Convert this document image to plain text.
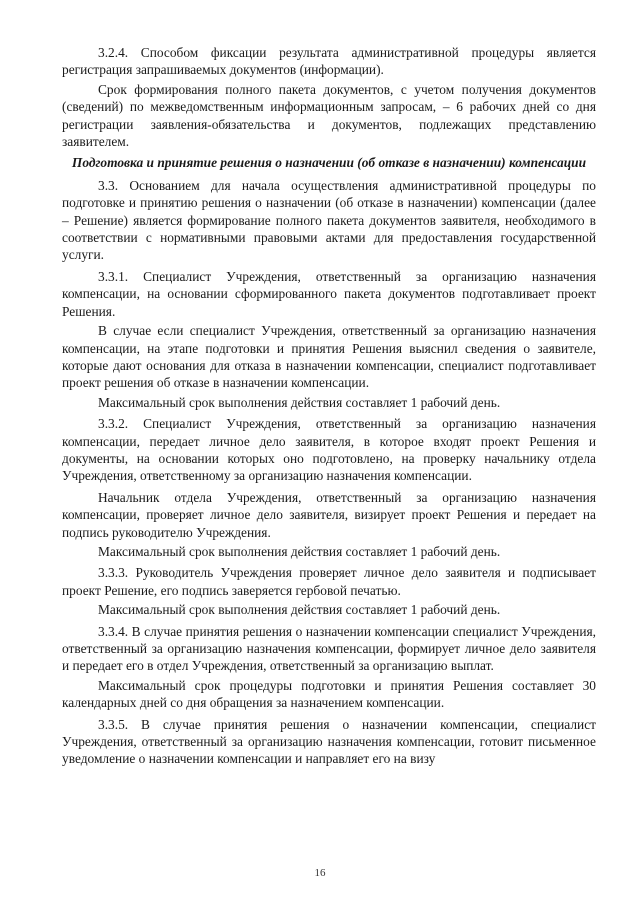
3.2.4. Способом фиксации результата административной процедуры является регистрация запрашиваемых документов (информации).

Срок формирования полного пакета документов, с учетом получения документов (сведений) по межведомственным информационным запросам, – 6 рабочих дней со дня регистрации заявления-обязательства и документов, подлежащих представлению заявителем.

Подготовка и принятие решения о назначении (об отказе в назначении) компенсации

3.3. Основанием для начала осуществления административной процедуры по подготовке и принятию решения о назначении (об отказе в назначении) компенсации (далее – Решение) является формирование полного пакета документов заявителя, необходимого в соответствии с нормативными правовыми актами для предоставления государственной услуги.

3.3.1. Специалист Учреждения, ответственный за организацию назначения компенсации, на основании сформированного пакета документов подготавливает проект Решения.

В случае если специалист Учреждения, ответственный за организацию назначения компенсации, на этапе подготовки и принятия Решения выяснил сведения о заявителе, которые дают основания для отказа в назначении компенсации, специалист подготавливает проект решения об отказе в назначении компенсации.

Максимальный срок выполнения действия составляет 1 рабочий день.

3.3.2. Специалист Учреждения, ответственный за организацию назначения компенсации, передает личное дело заявителя, в которое входят проект Решения и документы, на основании которых оно подготовлено, на проверку начальнику отдела Учреждения, ответственному за организацию назначения компенсации.

Начальник отдела Учреждения, ответственный за организацию назначения компенсации, проверяет личное дело заявителя, визирует проект Решения и передает на подпись руководителю Учреждения.

Максимальный срок выполнения действия составляет 1 рабочий день.

3.3.3. Руководитель Учреждения проверяет личное дело заявителя и подписывает проект Решение, его подпись заверяется гербовой печатью.

Максимальный срок выполнения действия составляет 1 рабочий день.

3.3.4. В случае принятия решения о назначении компенсации специалист Учреждения, ответственный за организацию назначения компенсации, формирует личное дело заявителя и передает его в отдел Учреждения, ответственный за организацию выплат.

Максимальный срок процедуры подготовки и принятия Решения составляет 30 календарных дней со дня обращения за назначением компенсации.

3.3.5. В случае принятия решения о назначении компенсации, специалист Учреждения, ответственный за организацию назначения компенсации, готовит письменное уведомление о назначении компенсации и направляет его на визу

16
